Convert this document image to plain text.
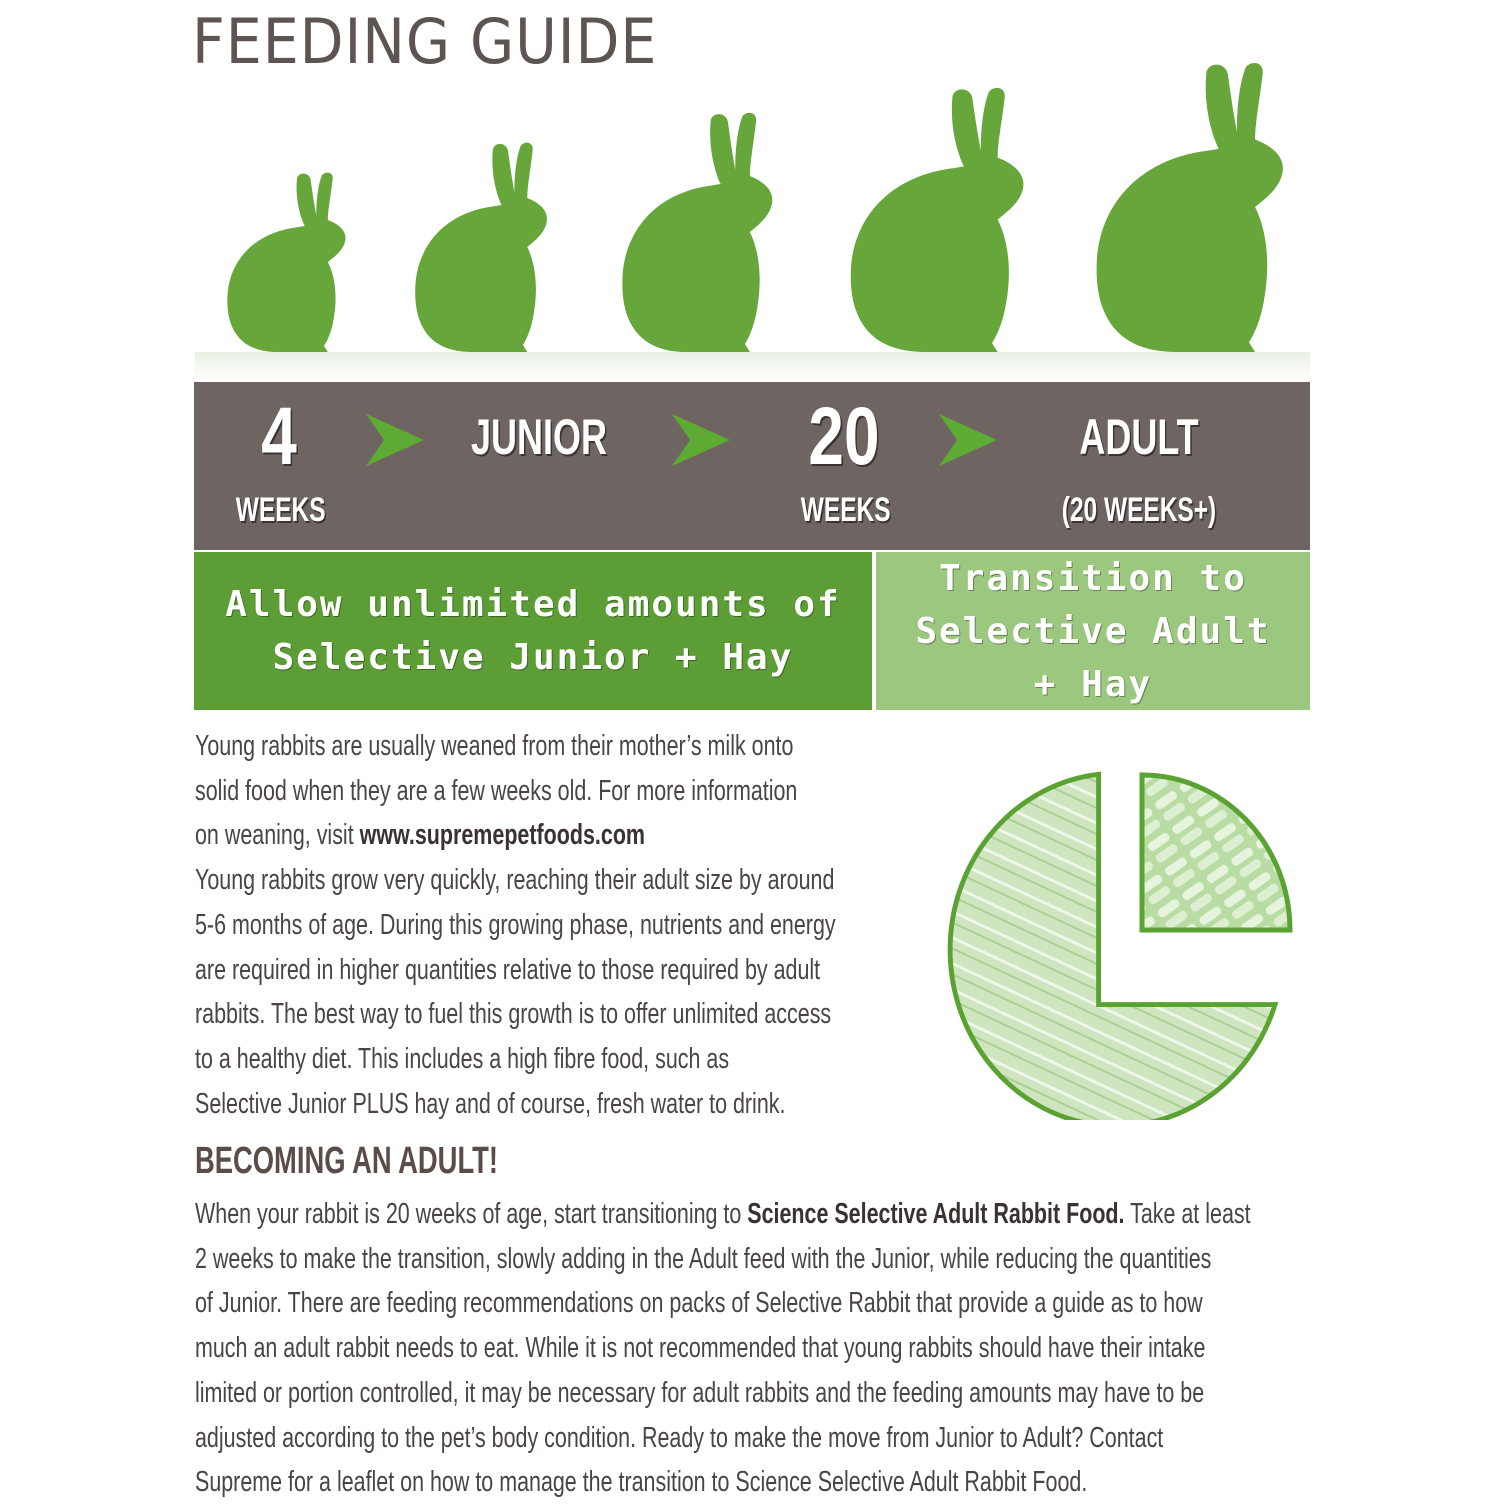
FEEDING GUIDE
4
WEEKS
JUNIOR 20
WEEKS
ADULT
(20 WEEKS+)
Allow unlimited amounts of
Selective Junior + Hay
Transition to
Selective Adult
+ Hay
Young rabbits are usually weaned from their mother’s milk onto
solid food when they are a few weeks old. For more information
on weaning, visit www.supremepetfoods.com
Young rabbits grow very quickly, reaching their adult size by around
5-6 months of age. During this growing phase, nutrients and energy
are required in higher quantities relative to those required by adult
rabbits. The best way to fuel this growth is to offer unlimited access
to a healthy diet. This includes a high fibre food, such as
Selective Junior PLUS hay and of course, fresh water to drink.
BECOMING AN ADULT!
When your rabbit is 20 weeks of age, start transitioning to Science Selective Adult Rabbit Food. Take at least
2 weeks to make the transition, slowly adding in the Adult feed with the Junior, while reducing the quantities
of Junior. There are feeding recommendations on packs of Selective Rabbit that provide a guide as to how
much an adult rabbit needs to eat. While it is not recommended that young rabbits should have their intake
limited or portion controlled, it may be necessary for adult rabbits and the feeding amounts may have to be
adjusted according to the pet’s body condition. Ready to make the move from Junior to Adult? Contact
Supreme for a leaflet on how to manage the transition to Science Selective Adult Rabbit Food.
